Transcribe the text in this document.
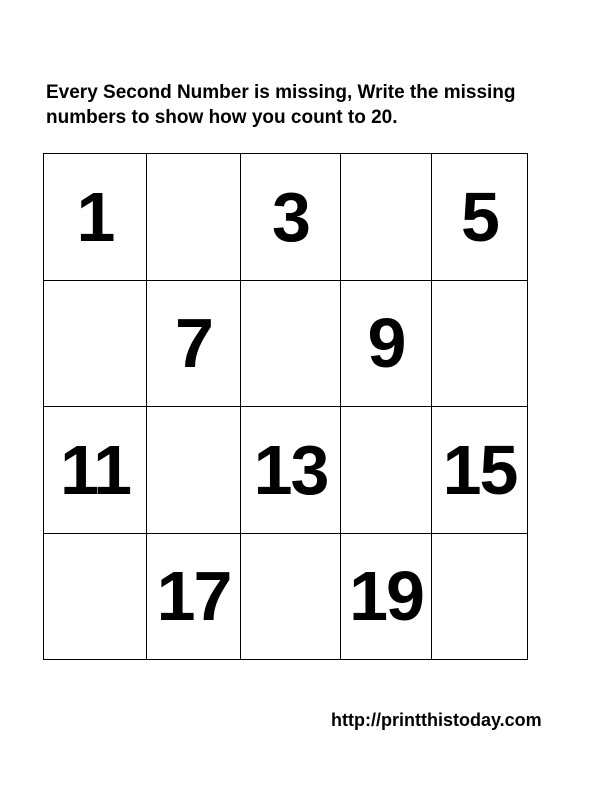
Every Second Number is missing, Write the missing
numbers to show how you count to 20.
1		3		5
	7		9	
11		13		15
	17		19	
http://printthistoday.com
